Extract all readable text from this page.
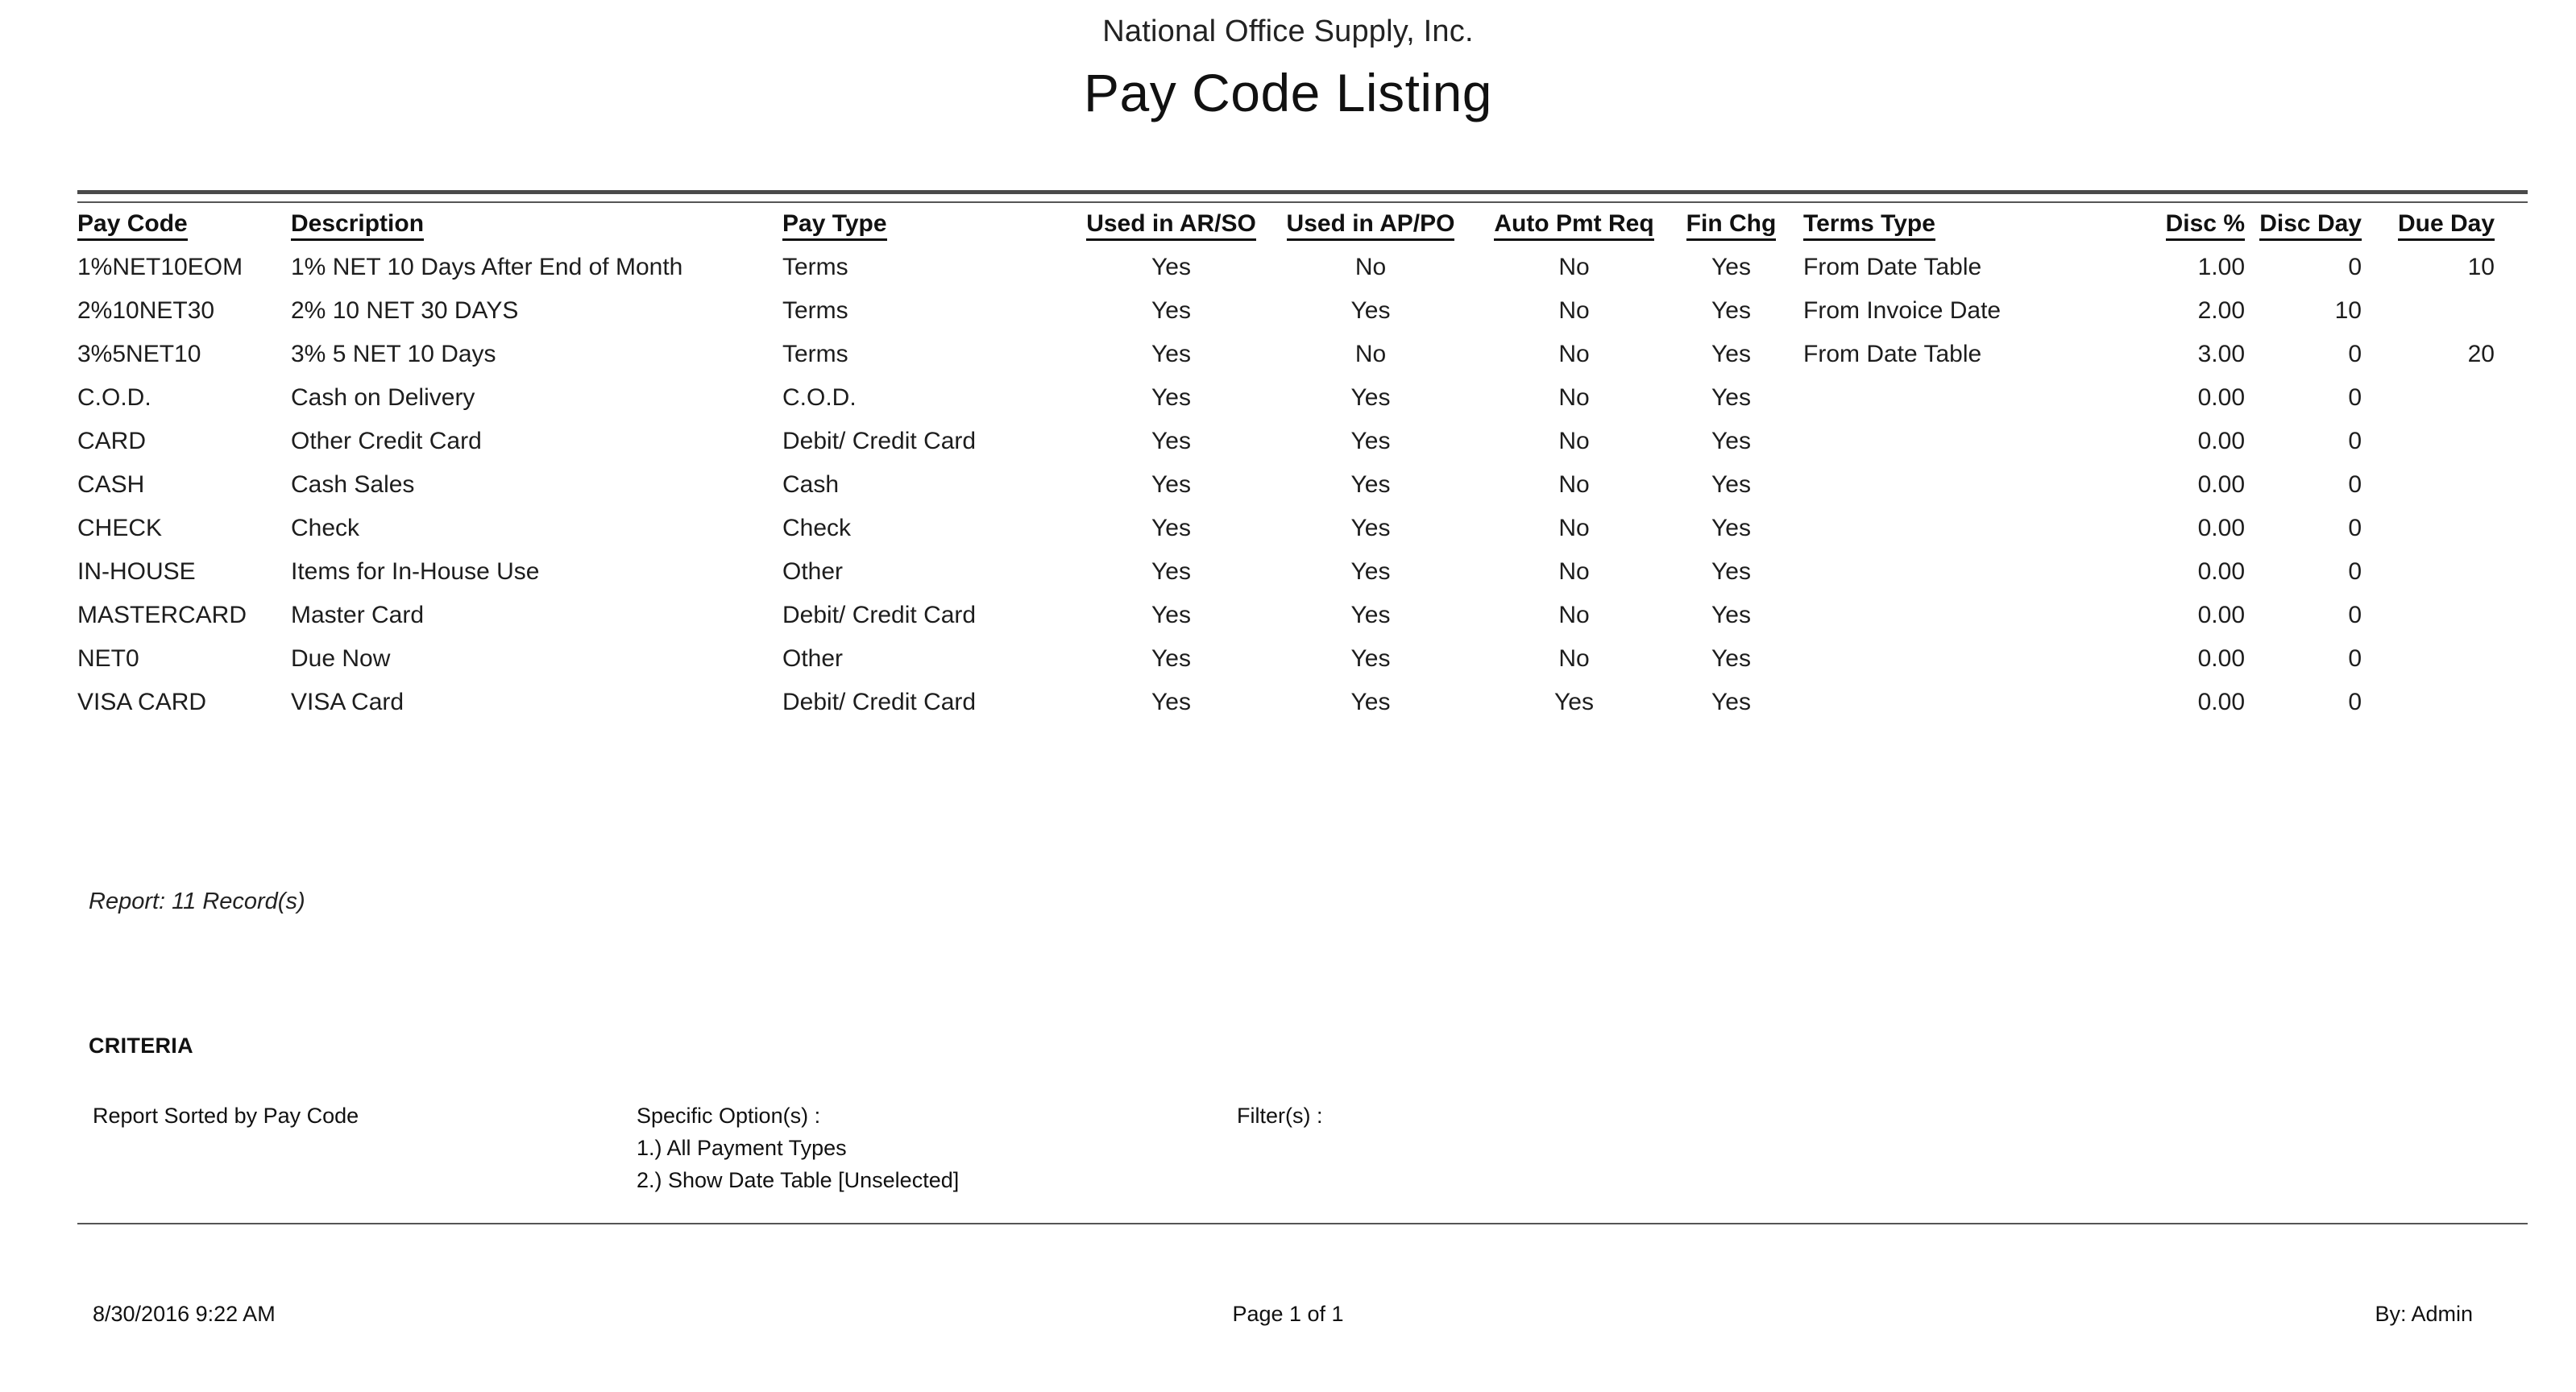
National Office Supply, Inc.
Pay Code Listing
Pay Code	Description	Pay Type	Used in AR/SO	Used in AP/PO	Auto Pmt Req	Fin Chg	Terms Type	Disc %	Disc Day	Due Day
1%NET10EOM	1% NET 10 Days After End of Month	Terms	Yes	No	No	Yes	From Date Table	1.00	0	10
2%10NET30	2% 10 NET 30 DAYS	Terms	Yes	Yes	No	Yes	From Invoice Date	2.00	10	
3%5NET10	3% 5 NET 10 Days	Terms	Yes	No	No	Yes	From Date Table	3.00	0	20
C.O.D.	Cash on Delivery	C.O.D.	Yes	Yes	No	Yes		0.00	0	
CARD	Other Credit Card	Debit/ Credit Card	Yes	Yes	No	Yes		0.00	0	
CASH	Cash Sales	Cash	Yes	Yes	No	Yes		0.00	0	
CHECK	Check	Check	Yes	Yes	No	Yes		0.00	0	
IN-HOUSE	Items for In-House Use	Other	Yes	Yes	No	Yes		0.00	0	
MASTERCARD	Master Card	Debit/ Credit Card	Yes	Yes	No	Yes		0.00	0	
NET0	Due Now	Other	Yes	Yes	No	Yes		0.00	0	
VISA CARD	VISA Card	Debit/ Credit Card	Yes	Yes	Yes	Yes		0.00	0	
Report: 11 Record(s)
CRITERIA
Report Sorted by Pay Code	Specific Option(s) :
1.) All Payment Types
2.) Show Date Table [Unselected]
Filter(s) :
8/30/2016 9:22 AM	Page 1 of 1	By: Admin
